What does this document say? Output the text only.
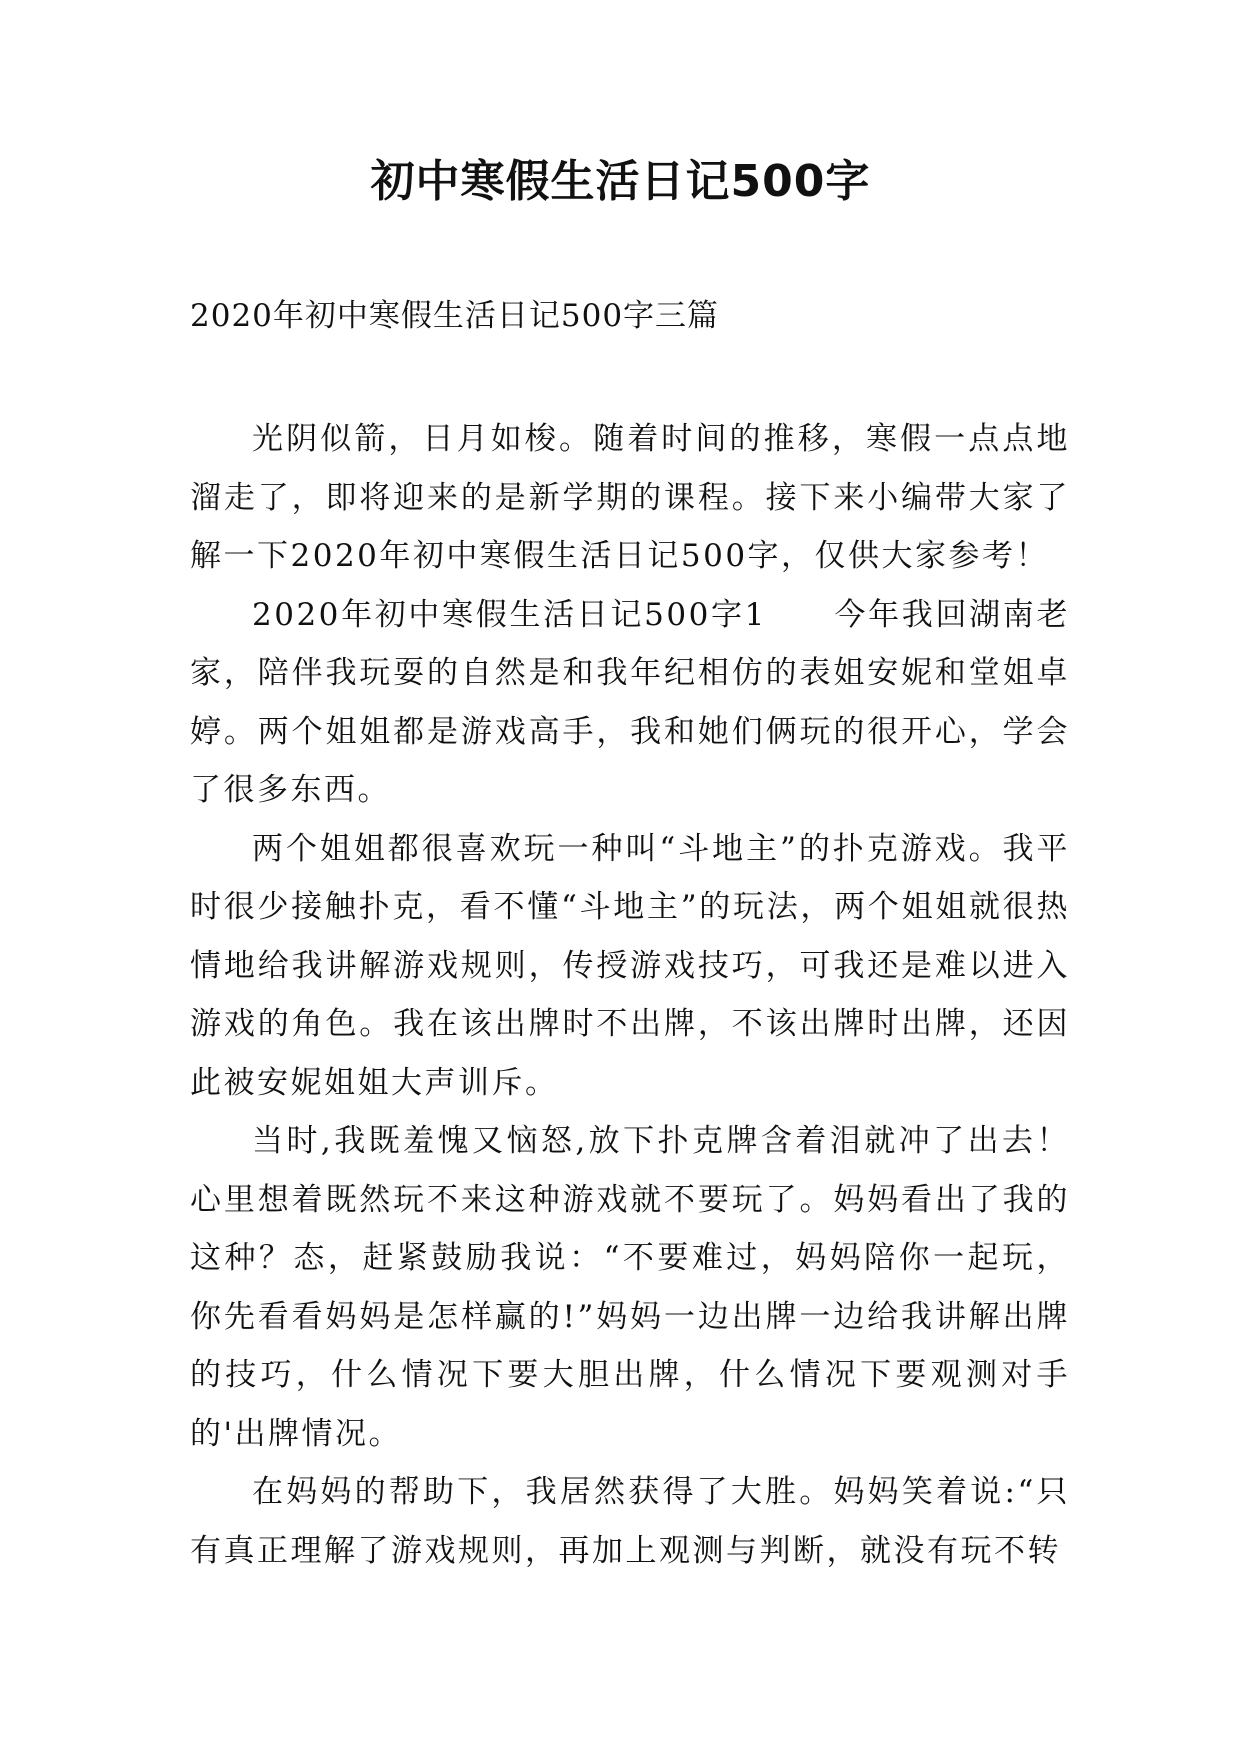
初中寒假生活日记500字
2020年初中寒假生活日记500字三篇

光阴似箭，日月如梭。随着时间的推移，寒假一点点地溜走了，即将迎来的是新学期的课程。接下来小编带大家了解一下2020年初中寒假生活日记500字，仅供大家参考！

2020年初中寒假生活日记500字1　　今年我回湖南老家，陪伴我玩耍的自然是和我年纪相仿的表姐安妮和堂姐卓婷。两个姐姐都是游戏高手，我和她们俩玩的很开心，学会了很多东西。

两个姐姐都很喜欢玩一种叫“斗地主”的扑克游戏。我平时很少接触扑克，看不懂“斗地主”的玩法，两个姐姐就很热情地给我讲解游戏规则，传授游戏技巧，可我还是难以进入游戏的角色。我在该出牌时不出牌，不该出牌时出牌，还因此被安妮姐姐大声训斥。

当时,我既羞愧又恼怒,放下扑克牌含着泪就冲了出去！心里想着既然玩不来这种游戏就不要玩了。妈妈看出了我的这种？态，赶紧鼓励我说：“不要难过，妈妈陪你一起玩，你先看看妈妈是怎样赢的!”妈妈一边出牌一边给我讲解出牌的技巧，什么情况下要大胆出牌，什么情况下要观测对手的'出牌情况。

在妈妈的帮助下，我居然获得了大胜。妈妈笑着说:“只有真正理解了游戏规则，再加上观测与判断，就没有玩不转
